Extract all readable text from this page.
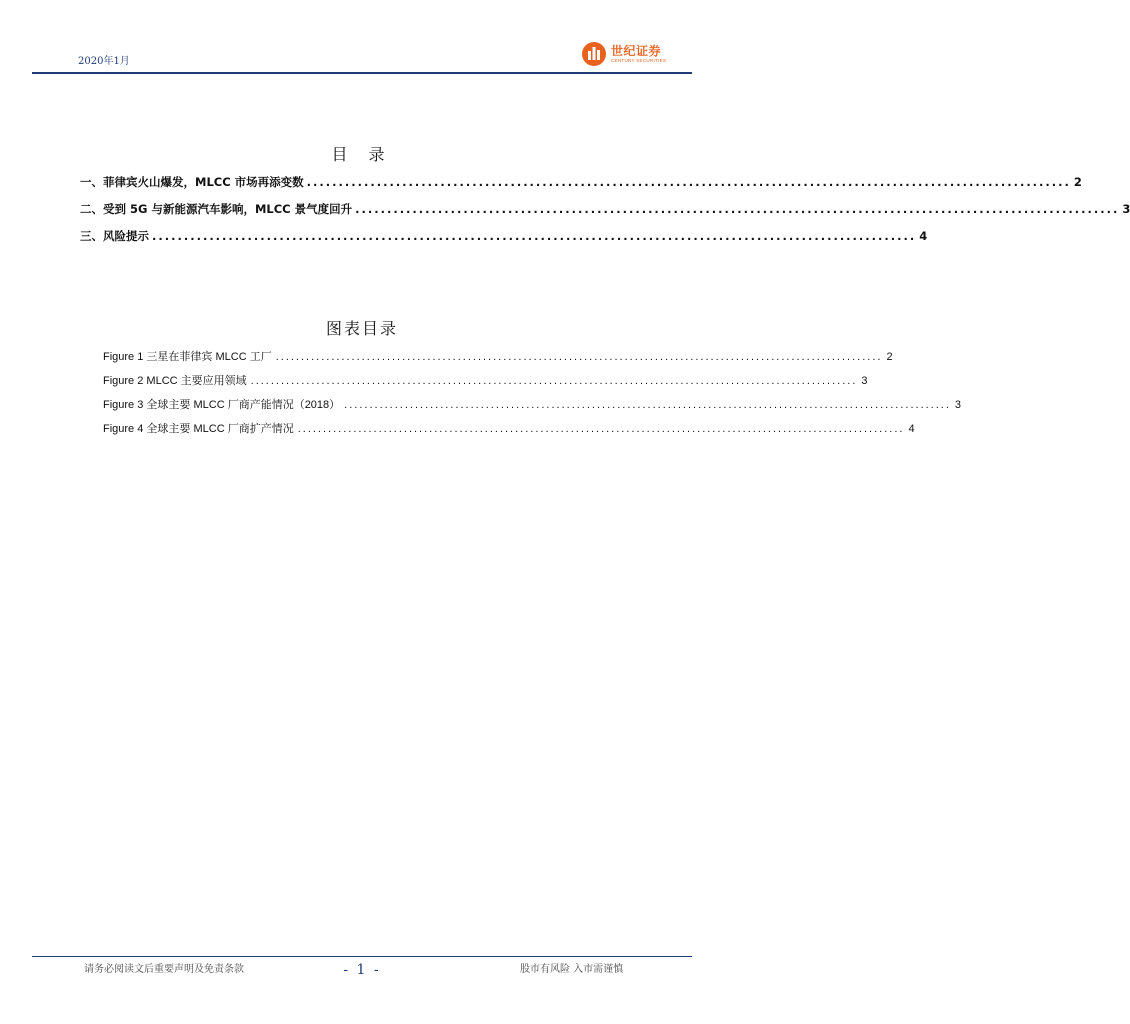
2020年1月
世纪证券
CENTURY SECURITIES
目 录
一、菲律宾火山爆发，MLCC 市场再添变数 ........................................................................................................................ 2
二、受到 5G 与新能源汽车影响，MLCC 景气度回升 ........................................................................................................................ 3
三、风险提示 ........................................................................................................................ 4
图表目录
Figure 1 三星在菲律宾 MLCC 工厂 ........................................................................................................................ 2
Figure 2 MLCC 主要应用领域 ........................................................................................................................ 3
Figure 3 全球主要 MLCC 厂商产能情况（2018） ........................................................................................................................ 3
Figure 4 全球主要 MLCC 厂商扩产情况 ........................................................................................................................ 4
请务必阅读文后重要声明及免责条款	- 1 -	股市有风险 入市需谨慎
